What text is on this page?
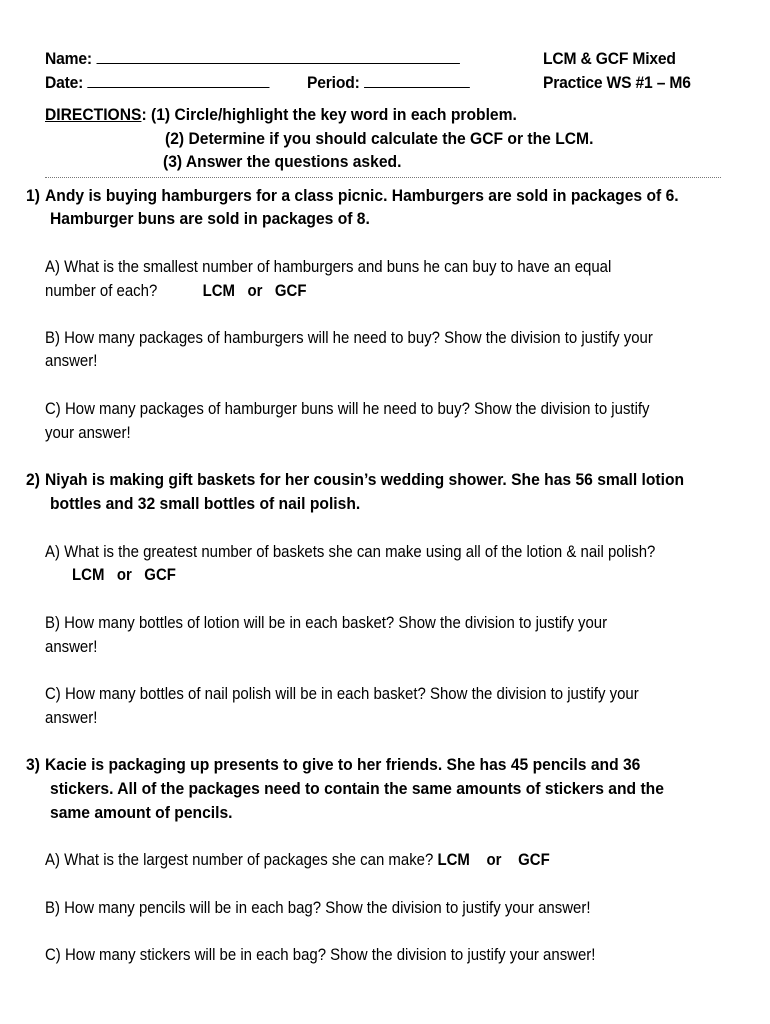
Name:
Date:	Period:
LCM & GCF Mixed
Practice WS #1 – M6
DIRECTIONS: (1) Circle/highlight the key word in each problem.
(2) Determine if you should calculate the GCF or the LCM.
(3) Answer the questions asked.
1) Andy is buying hamburgers for a class picnic. Hamburgers are sold in packages of 6.
Hamburger buns are sold in packages of 8.
A) What is the smallest number of hamburgers and buns he can buy to have an equal
number of each?	LCM or GCF
B) How many packages of hamburgers will he need to buy? Show the division to justify your
answer!
C) How many packages of hamburger buns will he need to buy? Show the division to justify
your answer!
2) Niyah is making gift baskets for her cousin’s wedding shower. She has 56 small lotion
bottles and 32 small bottles of nail polish.
A) What is the greatest number of baskets she can make using all of the lotion & nail polish?
LCM or GCF
B) How many bottles of lotion will be in each basket? Show the division to justify your
answer!
C) How many bottles of nail polish will be in each basket? Show the division to justify your
answer!
3) Kacie is packaging up presents to give to her friends. She has 45 pencils and 36
stickers. All of the packages need to contain the same amounts of stickers and the
same amount of pencils.
A) What is the largest number of packages she can make? LCM or GCF
B) How many pencils will be in each bag? Show the division to justify your answer!
C) How many stickers will be in each bag? Show the division to justify your answer!
